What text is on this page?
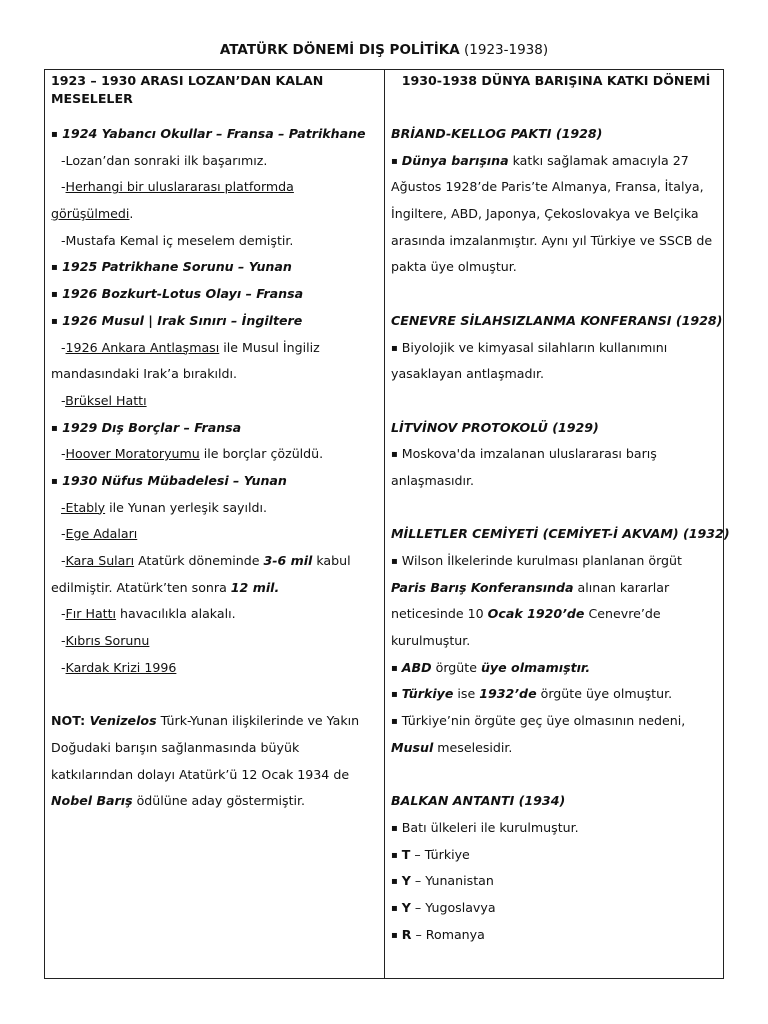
ATATÜRK DÖNEMİ DIŞ POLİTİKA (1923-1938)
1923 – 1930 ARASI LOZAN’DAN KALAN MESELELER
1930-1938 DÜNYA BARIŞINA KATKI DÖNEMİ
▪ 1924 Yabancı Okullar – Fransa – Patrikhane
-Lozan’dan sonraki ilk başarımız.
-Herhangi bir uluslararası platformda
görüşülmedi.
-Mustafa Kemal iç meselem demiştir.
▪ 1925 Patrikhane Sorunu – Yunan
▪ 1926 Bozkurt-Lotus Olayı – Fransa
▪ 1926 Musul | Irak Sınırı – İngiltere
-1926 Ankara Antlaşması ile Musul İngiliz
mandasındaki Irak’a bırakıldı.
-Brüksel Hattı
▪ 1929 Dış Borçlar – Fransa
-Hoover Moratoryumu ile borçlar çözüldü.
▪ 1930 Nüfus Mübadelesi – Yunan
-Etably ile Yunan yerleşik sayıldı.
-Ege Adaları
-Kara Suları Atatürk döneminde 3-6 mil kabul
edilmiştir. Atatürk’ten sonra 12 mil.
-Fır Hattı havacılıkla alakalı.
-Kıbrıs Sorunu
-Kardak Krizi 1996
NOT: Venizelos Türk-Yunan ilişkilerinde ve Yakın
Doğudaki barışın sağlanmasında büyük
katkılarından dolayı Atatürk’ü 12 Ocak 1934 de
Nobel Barış ödülüne aday göstermiştir.
BRİAND-KELLOG PAKTI (1928)
▪ Dünya barışına katkı sağlamak amacıyla 27
Ağustos 1928’de Paris’te Almanya, Fransa, İtalya,
İngiltere, ABD, Japonya, Çekoslovakya ve Belçika
arasında imzalanmıştır. Aynı yıl Türkiye ve SSCB de
pakta üye olmuştur.
CENEVRE SİLAHSIZLANMA KONFERANSI (1928)
▪ Biyolojik ve kimyasal silahların kullanımını
yasaklayan antlaşmadır.
LİTVİNOV PROTOKOLÜ (1929)
▪ Moskova'da imzalanan uluslararası barış
anlaşmasıdır.
MİLLETLER CEMİYETİ (CEMİYET-İ AKVAM) (1932)
▪ Wilson İlkelerinde kurulması planlanan örgüt
Paris Barış Konferansında alınan kararlar
neticesinde 10 Ocak 1920’de Cenevre’de
kurulmuştur.
▪ ABD örgüte üye olmamıştır.
▪ Türkiye ise 1932’de örgüte üye olmuştur.
▪ Türkiye’nin örgüte geç üye olmasının nedeni,
Musul meselesidir.
BALKAN ANTANTI (1934)
▪ Batı ülkeleri ile kurulmuştur.
▪ T – Türkiye
▪ Y – Yunanistan
▪ Y – Yugoslavya
▪ R – Romanya
